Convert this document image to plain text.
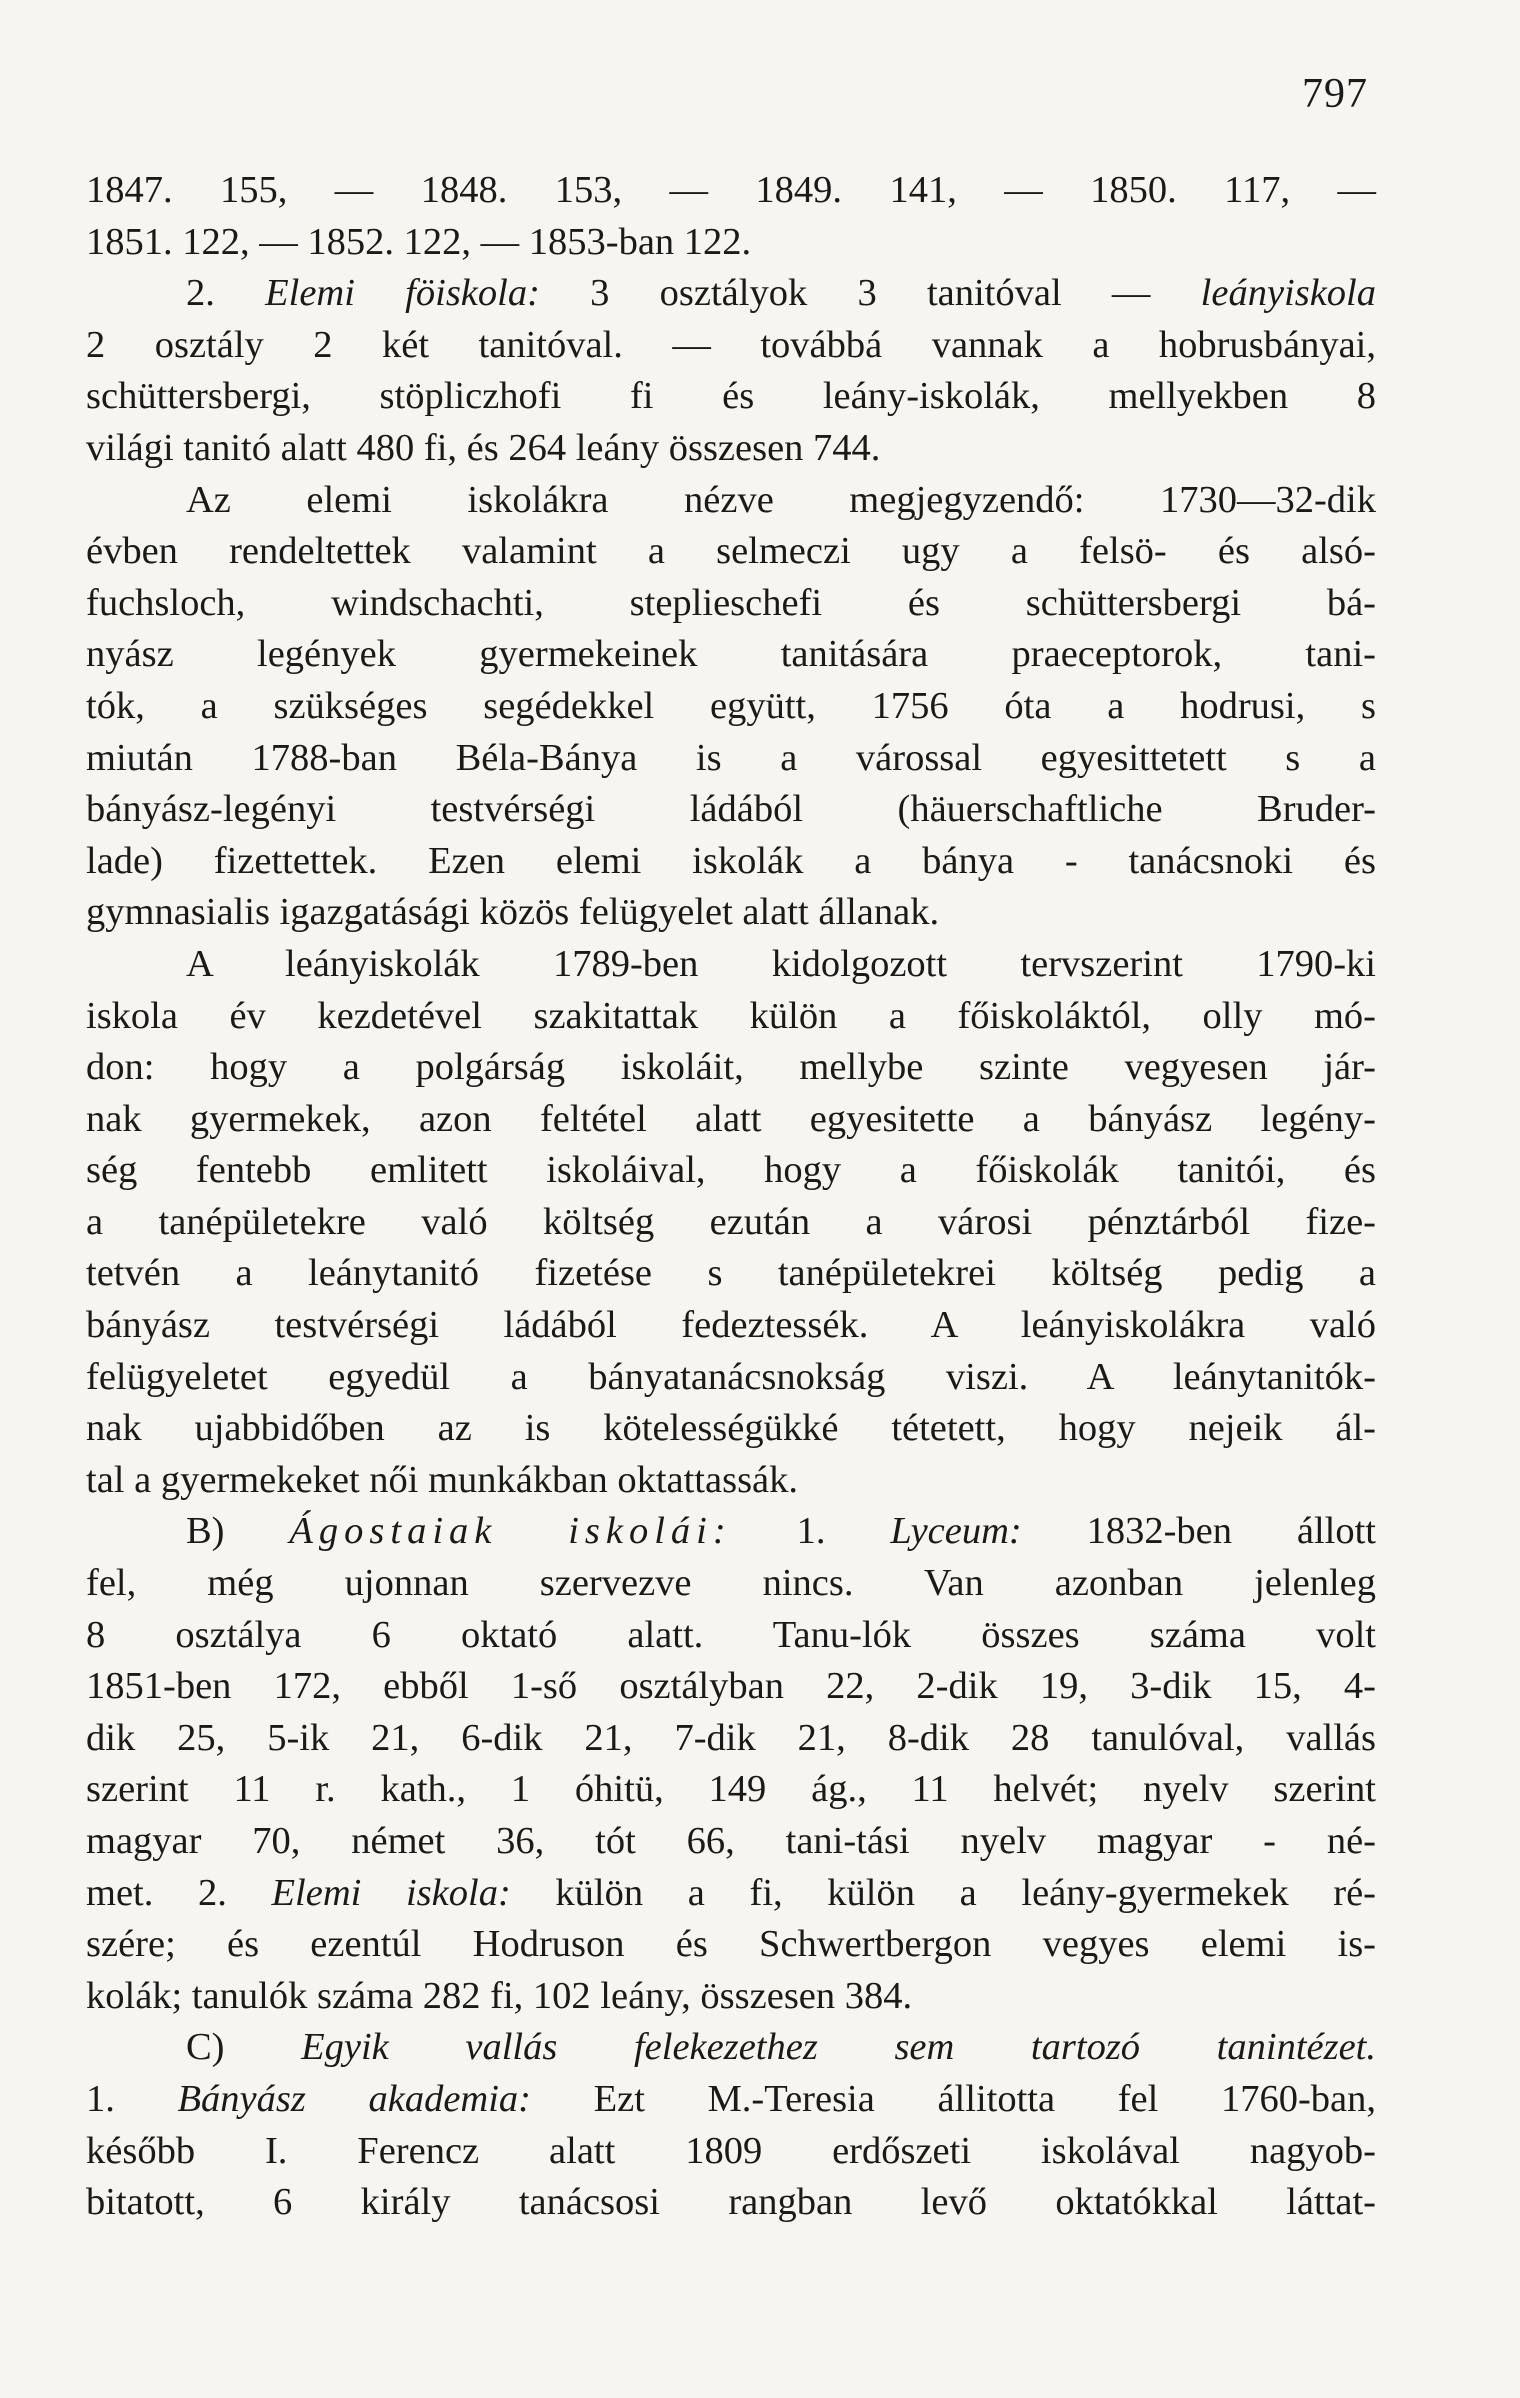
797
1847. 155, — 1848. 153, — 1849. 141, — 1850. 117, —
1851. 122, — 1852. 122, — 1853-ban 122.
2. Elemi föiskola: 3 osztályok 3 tanitóval — leányiskola
2 osztály 2 két tanitóval. — továbbá vannak a hobrusbányai,
schüttersbergi, stöpliczhofi fi és leány-iskolák, mellyekben 8
világi tanitó alatt 480 fi, és 264 leány összesen 744.
Az elemi iskolákra nézve megjegyzendő: 1730—32-dik
évben rendeltettek valamint a selmeczi ugy a felsö- és alsó-
fuchsloch, windschachti, steplieschefi és schüttersbergi bá-
nyász legények gyermekeinek tanitására praeceptorok, tani-
tók, a szükséges segédekkel együtt, 1756 óta a hodrusi, s
miután 1788-ban Béla-Bánya is a várossal egyesittetett s a
bányász-legényi testvérségi ládából (häuerschaftliche Bruder-
lade) fizettettek. Ezen elemi iskolák a bánya - tanácsnoki és
gymnasialis igazgatásági közös felügyelet alatt állanak.
A leányiskolák 1789-ben kidolgozott tervszerint 1790-ki
iskola év kezdetével szakitattak külön a főiskoláktól, olly mó-
don: hogy a polgárság iskoláit, mellybe szinte vegyesen jár-
nak gyermekek, azon feltétel alatt egyesitette a bányász legény-
ség fentebb emlitett iskoláival, hogy a főiskolák tanitói, és
a tanépületekre való költség ezután a városi pénztárból fize-
tetvén a leánytanitó fizetése s tanépületekrei költség pedig a
bányász testvérségi ládából fedeztessék. A leányiskolákra való
felügyeletet egyedül a bányatanácsnokság viszi. A leánytanitók-
nak ujabbidőben az is kötelességükké tétetett, hogy nejeik ál-
tal a gyermekeket női munkákban oktattassák.
B) Ágostaiak iskolái: 1. Lyceum: 1832-ben állott
fel, még ujonnan szervezve nincs. Van azonban jelenleg
8 osztálya 6 oktató alatt. Tanu-lók összes száma volt
1851-ben 172, ebből 1-ső osztályban 22, 2-dik 19, 3-dik 15, 4-
dik 25, 5-ik 21, 6-dik 21, 7-dik 21, 8-dik 28 tanulóval, vallás
szerint 11 r. kath., 1 óhitü, 149 ág., 11 helvét; nyelv szerint
magyar 70, német 36, tót 66, tani-tási nyelv magyar - né-
met. 2. Elemi iskola: külön a fi, külön a leány-gyermekek ré-
szére; és ezentúl Hodruson és Schwertbergon vegyes elemi is-
kolák; tanulók száma 282 fi, 102 leány, összesen 384.
C) Egyik vallás felekezethez sem tartozó tanintézet.
1. Bányász akademia: Ezt M.-Teresia állitotta fel 1760-ban,
később I. Ferencz alatt 1809 erdőszeti iskolával nagyob-
bitatott, 6 király tanácsosi rangban levő oktatókkal láttat-
